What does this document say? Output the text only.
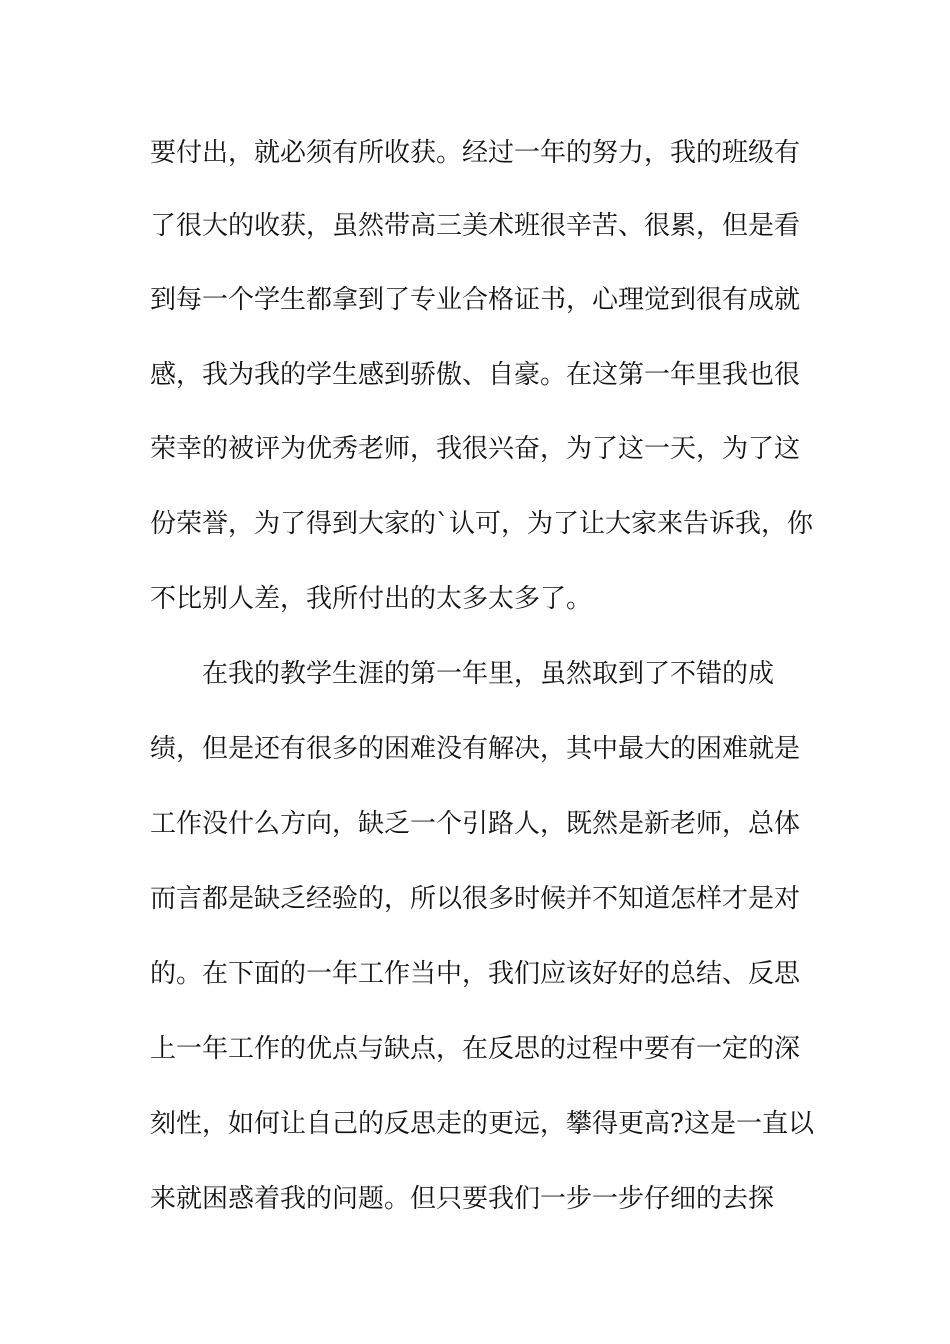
要付出，就必须有所收获。经过一年的努力，我的班级有

了很大的收获，虽然带高三美术班很辛苦、很累，但是看

到每一个学生都拿到了专业合格证书，心理觉到很有成就

感，我为我的学生感到骄傲、自豪。在这第一年里我也很

荣幸的被评为优秀老师，我很兴奋，为了这一天，为了这

份荣誉，为了得到大家的`认可，为了让大家来告诉我，你

不比别人差，我所付出的太多太多了。

在我的教学生涯的第一年里，虽然取到了不错的成

绩，但是还有很多的困难没有解决，其中最大的困难就是

工作没什么方向，缺乏一个引路人，既然是新老师，总体

而言都是缺乏经验的，所以很多时候并不知道怎样才是对

的。在下面的一年工作当中，我们应该好好的总结、反思

上一年工作的优点与缺点，在反思的过程中要有一定的深

刻性，如何让自己的反思走的更远，攀得更高?这是一直以

来就困惑着我的问题。但只要我们一步一步仔细的去探
